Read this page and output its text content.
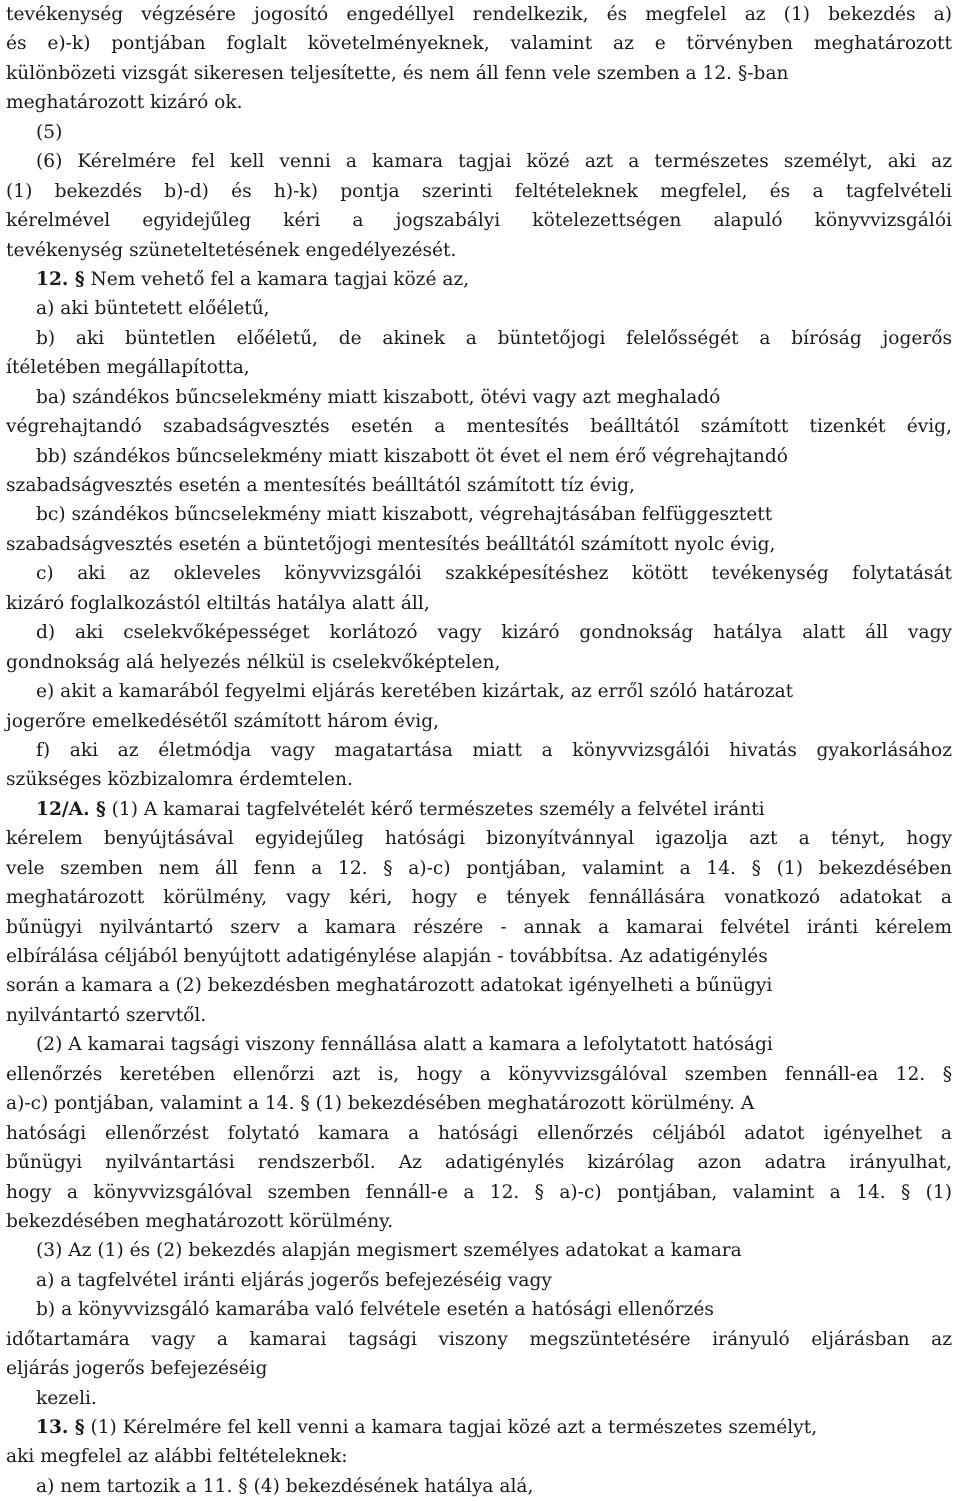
tevékenység végzésére jogosító engedéllyel rendelkezik, és megfelel az (1) bekezdés a)
és e)-k) pontjában foglalt követelményeknek, valamint az e törvényben meghatározott
különbözeti vizsgát sikeresen teljesítette, és nem áll fenn vele szemben a 12. §-ban
meghatározott kizáró ok.
(5)
(6) Kérelmére fel kell venni a kamara tagjai közé azt a természetes személyt, aki az
(1) bekezdés b)-d) és h)-k) pontja szerinti feltételeknek megfelel, és a tagfelvételi
kérelmével egyidejűleg kéri a jogszabályi kötelezettségen alapuló könyvvizsgálói
tevékenység szüneteltetésének engedélyezését.
12. § Nem vehető fel a kamara tagjai közé az,
a) aki büntetett előéletű,
b) aki büntetlen előéletű, de akinek a büntetőjogi felelősségét a bíróság jogerős
ítéletében megállapította,
ba) szándékos bűncselekmény miatt kiszabott, ötévi vagy azt meghaladó
végrehajtandó szabadságvesztés esetén a mentesítés beálltától számított tizenkét évig,
bb) szándékos bűncselekmény miatt kiszabott öt évet el nem érő végrehajtandó
szabadságvesztés esetén a mentesítés beálltától számított tíz évig,
bc) szándékos bűncselekmény miatt kiszabott, végrehajtásában felfüggesztett
szabadságvesztés esetén a büntetőjogi mentesítés beálltától számított nyolc évig,
c) aki az okleveles könyvvizsgálói szakképesítéshez kötött tevékenység folytatását
kizáró foglalkozástól eltiltás hatálya alatt áll,
d) aki cselekvőképességet korlátozó vagy kizáró gondnokság hatálya alatt áll vagy
gondnokság alá helyezés nélkül is cselekvőképtelen,
e) akit a kamarából fegyelmi eljárás keretében kizártak, az erről szóló határozat
jogerőre emelkedésétől számított három évig,
f) aki az életmódja vagy magatartása miatt a könyvvizsgálói hivatás gyakorlásához
szükséges közbizalomra érdemtelen.
12/A. § (1) A kamarai tagfelvételét kérő természetes személy a felvétel iránti
kérelem benyújtásával egyidejűleg hatósági bizonyítvánnyal igazolja azt a tényt, hogy
vele szemben nem áll fenn a 12. § a)-c) pontjában, valamint a 14. § (1) bekezdésében
meghatározott körülmény, vagy kéri, hogy e tények fennállására vonatkozó adatokat a
bűnügyi nyilvántartó szerv a kamara részére - annak a kamarai felvétel iránti kérelem
elbírálása céljából benyújtott adatigénylése alapján - továbbítsa. Az adatigénylés
során a kamara a (2) bekezdésben meghatározott adatokat igényelheti a bűnügyi
nyilvántartó szervtől.
(2) A kamarai tagsági viszony fennállása alatt a kamara a lefolytatott hatósági
ellenőrzés keretében ellenőrzi azt is, hogy a könyvvizsgálóval szemben fennáll-ea 12. §
a)-c) pontjában, valamint a 14. § (1) bekezdésében meghatározott körülmény. A
hatósági ellenőrzést folytató kamara a hatósági ellenőrzés céljából adatot igényelhet a
bűnügyi nyilvántartási rendszerből. Az adatigénylés kizárólag azon adatra irányulhat,
hogy a könyvvizsgálóval szemben fennáll-e a 12. § a)-c) pontjában, valamint a 14. § (1)
bekezdésében meghatározott körülmény.
(3) Az (1) és (2) bekezdés alapján megismert személyes adatokat a kamara
a) a tagfelvétel iránti eljárás jogerős befejezéséig vagy
b) a könyvvizsgáló kamarába való felvétele esetén a hatósági ellenőrzés
időtartamára vagy a kamarai tagsági viszony megszüntetésére irányuló eljárásban az
eljárás jogerős befejezéséig
kezeli.
13. § (1) Kérelmére fel kell venni a kamara tagjai közé azt a természetes személyt,
aki megfelel az alábbi feltételeknek:
a) nem tartozik a 11. § (4) bekezdésének hatálya alá,
